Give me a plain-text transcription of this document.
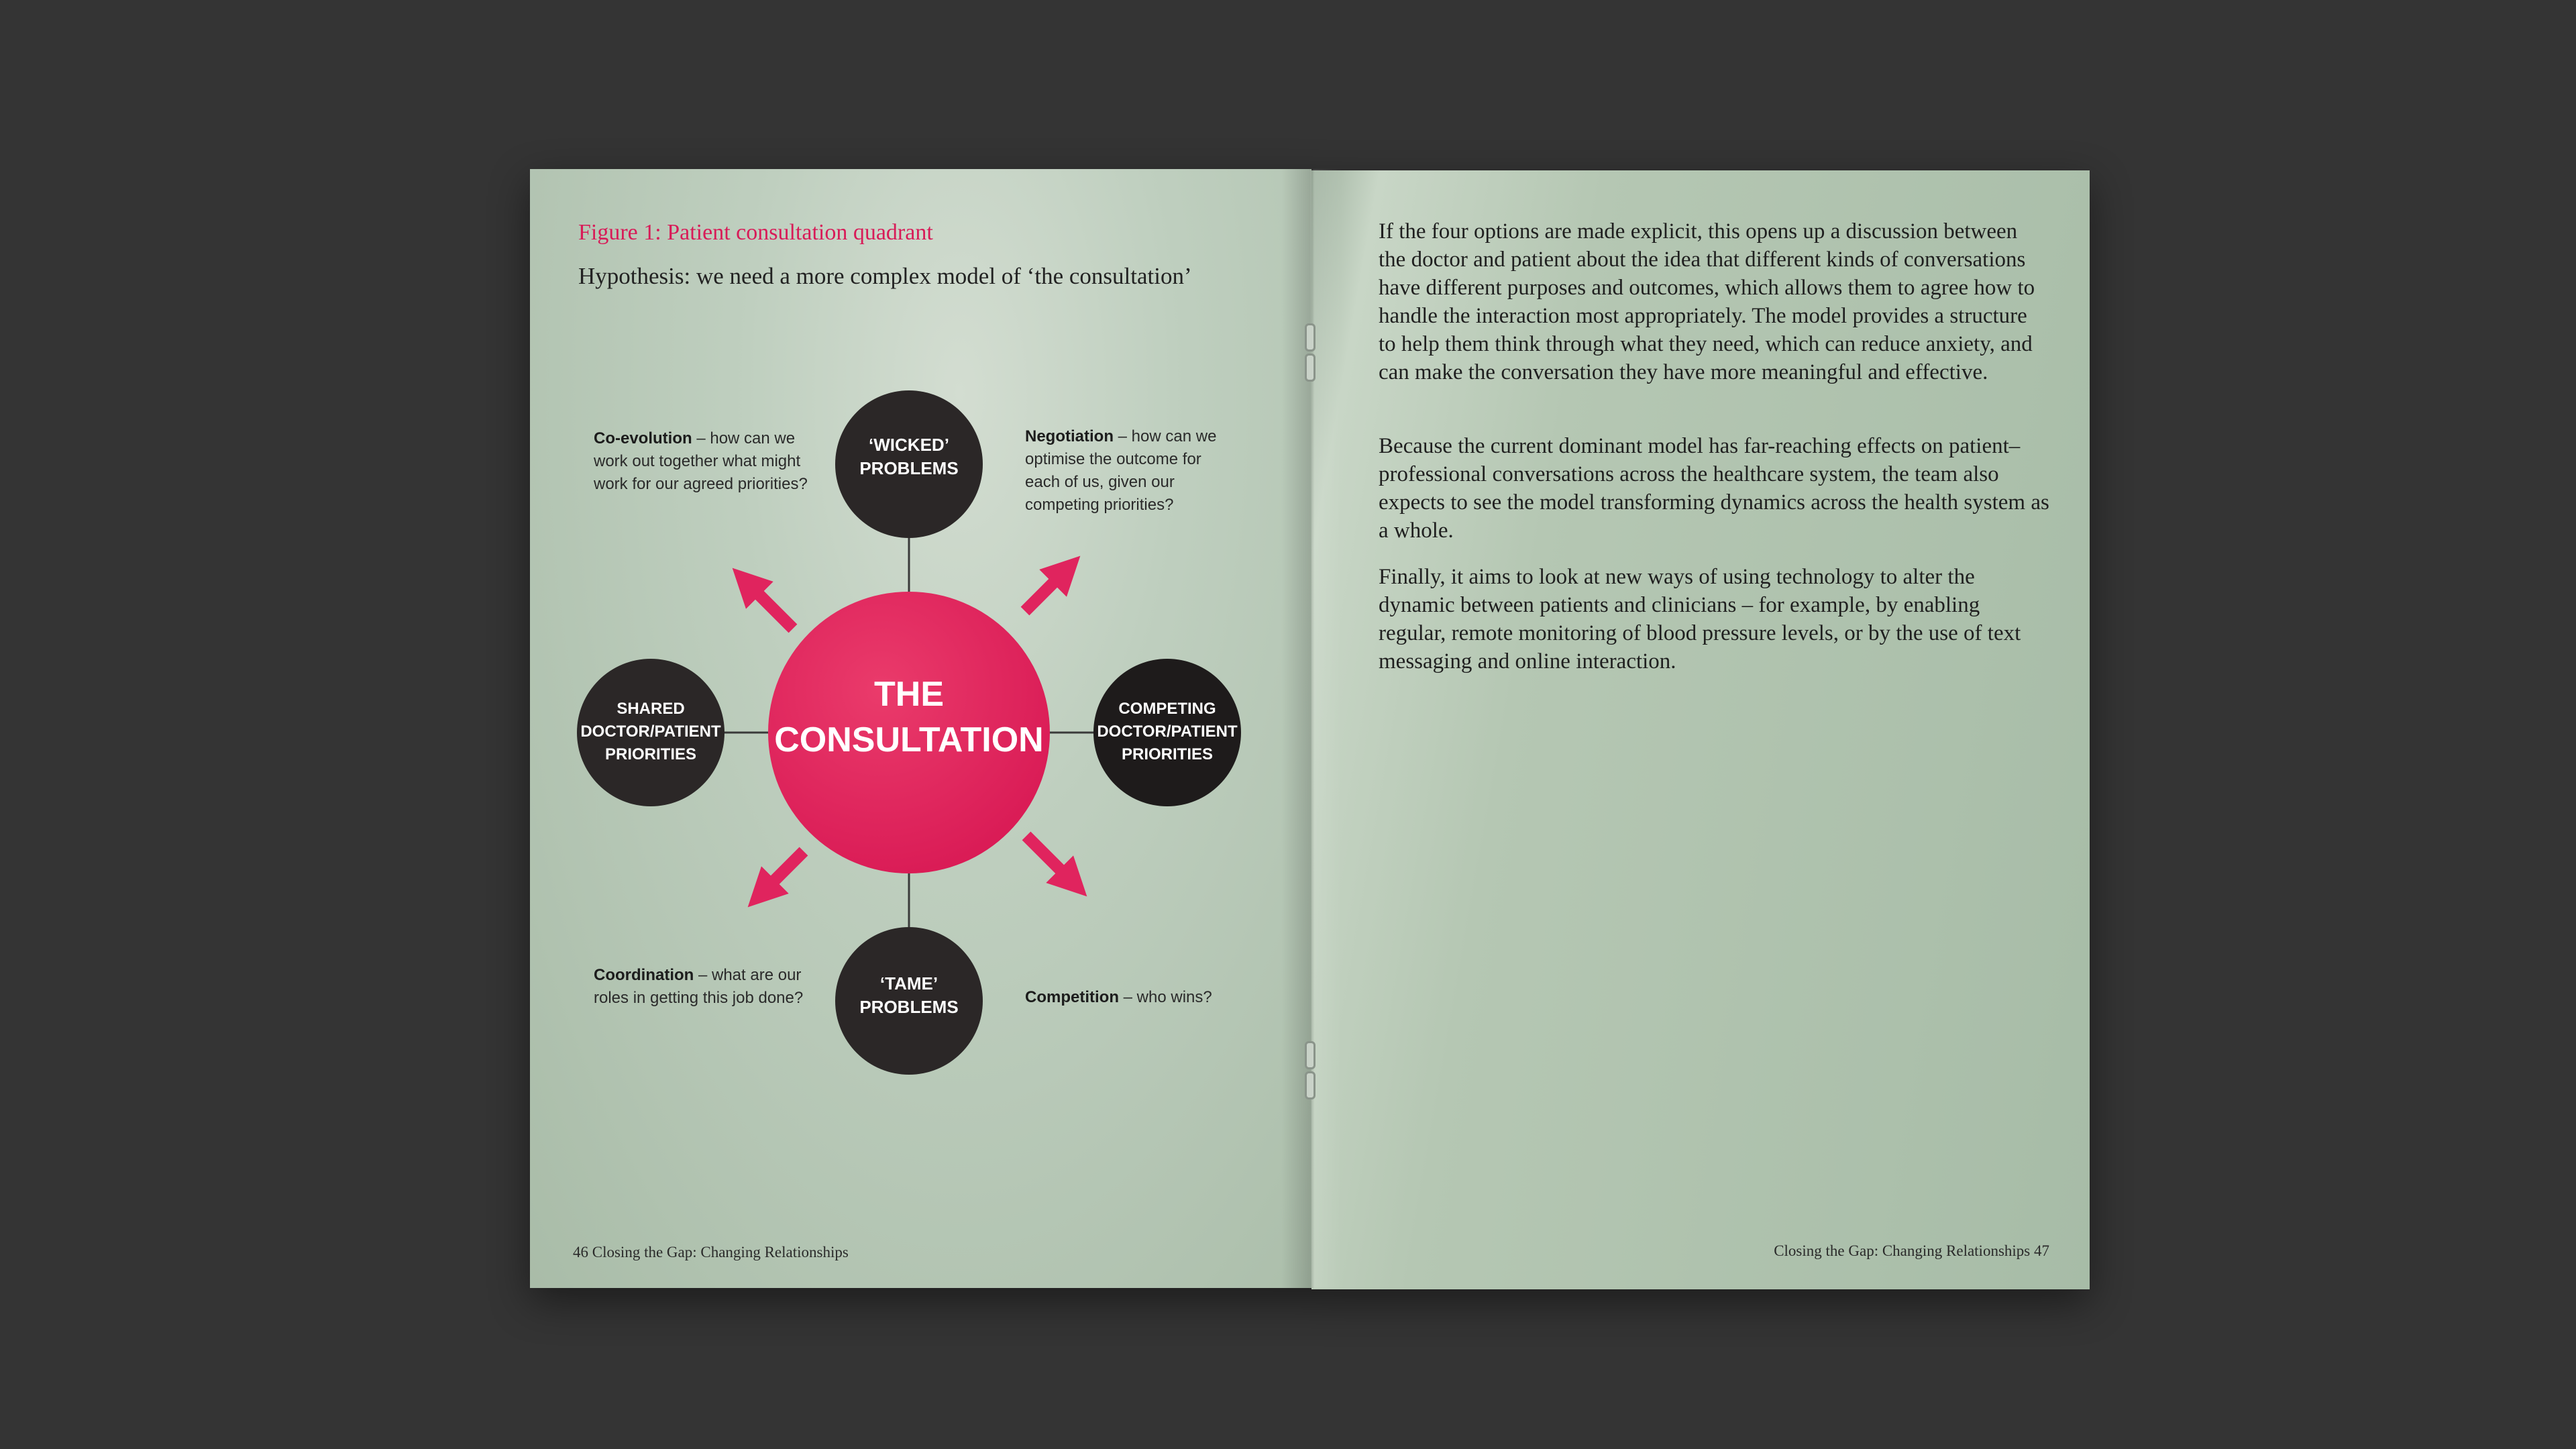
Figure 1: Patient consultation quadrant
Hypothesis: we need a more complex model of ‘the consultation’
THE
CONSULTATION
‘WICKED’
PROBLEMS
‘TAME’
PROBLEMS
SHARED
DOCTOR/PATIENT
PRIORITIES
COMPETING
DOCTOR/PATIENT
PRIORITIES
Co-evolution – how can we work out together what might work for our agreed priorities?
Negotiation – how can we optimise the outcome for each of us, given our competing priorities?
Coordination – what are our roles in getting this job done?	Competition – who wins?
46 Closing the Gap: Changing Relationships

If the four options are made explicit, this opens up a discussion between the doctor and patient about the idea that different kinds of conversations have different purposes and outcomes, which allows them to agree how to handle the interaction most appropriately. The model provides a structure to help them think through what they need, which can reduce anxiety, and can make the conversation they have more meaningful and effective.

Because the current dominant model has far-reaching effects on patient–professional conversations across the healthcare system, the team also expects to see the model transforming dynamics across the health system as a whole.

Finally, it aims to look at new ways of using technology to alter the dynamic between patients and clinicians – for example, by enabling regular, remote monitoring of blood pressure levels, or by the use of text messaging and online interaction.

Closing the Gap: Changing Relationships 47
